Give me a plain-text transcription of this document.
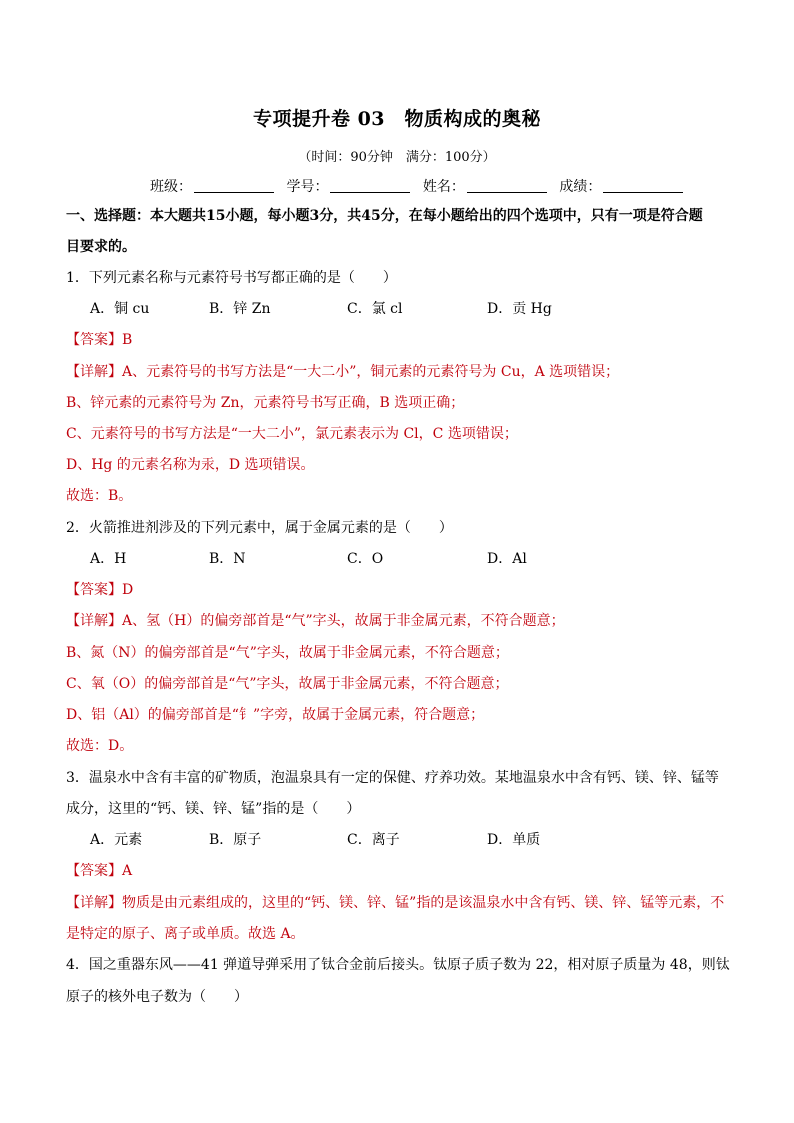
专项提升卷 03　物质构成的奥秘
（时间：90分钟　满分：100分）
班级：	学号：	姓名：	成绩：
一、选择题：本大题共15小题，每小题3分，共45分，在每小题给出的四个选项中，只有一项是符合题
目要求的。
1．下列元素名称与元素符号书写都正确的是（　　）
A．铜 cu	B．锌 Zn	C．氯 cl	D．贡 Hg
【答案】B
【详解】A、元素符号的书写方法是“一大二小”，铜元素的元素符号为 Cu，A 选项错误；
B、锌元素的元素符号为 Zn，元素符号书写正确，B 选项正确；
C、元素符号的书写方法是“一大二小”，氯元素表示为 Cl，C 选项错误；
D、Hg 的元素名称为汞，D 选项错误。
故选：B。
2．火箭推进剂涉及的下列元素中，属于金属元素的是（　　）
A．H	B．N	C．O	D．Al
【答案】D
【详解】A、氢（H）的偏旁部首是“气”字头，故属于非金属元素，不符合题意；
B、氮（N）的偏旁部首是“气”字头，故属于非金属元素，不符合题意；
C、氧（O）的偏旁部首是“气”字头，故属于非金属元素，不符合题意；
D、铝（Al）的偏旁部首是“钅”字旁，故属于金属元素，符合题意；
故选：D。
3．温泉水中含有丰富的矿物质，泡温泉具有一定的保健、疗养功效。某地温泉水中含有钙、镁、锌、锰等
成分，这里的“钙、镁、锌、锰”指的是（　　）
A．元素	B．原子	C．离子	D．单质
【答案】A
【详解】物质是由元素组成的，这里的“钙、镁、锌、锰”指的是该温泉水中含有钙、镁、锌、锰等元素，不
是特定的原子、离子或单质。故选 A。
4．国之重器东风——41 弹道导弹采用了钛合金前后接头。钛原子质子数为 22，相对原子质量为 48，则钛
原子的核外电子数为（　　）
